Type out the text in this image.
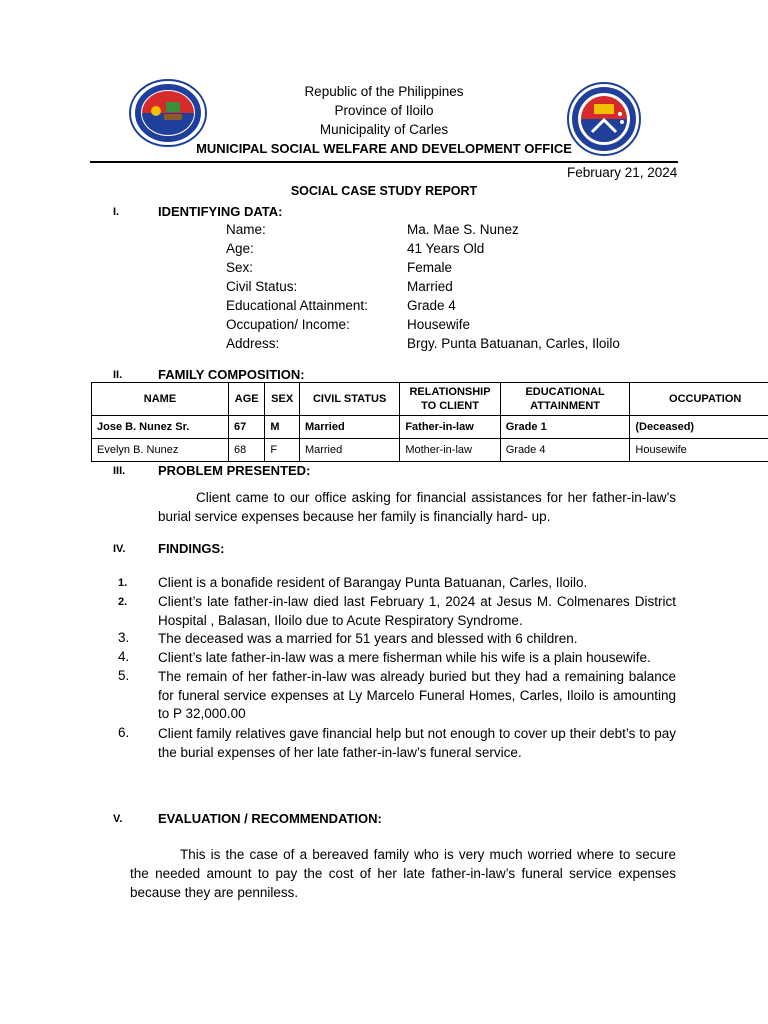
Republic of the Philippines
Province of Iloilo
Municipality of Carles
MUNICIPAL SOCIAL WELFARE AND DEVELOPMENT OFFICE
February 21, 2024
SOCIAL CASE STUDY REPORT
I.	IDENTIFYING DATA:
Name:	Ma. Mae S. Nunez
Age:	41 Years Old
Sex:	Female
Civil Status:	Married
Educational Attainment:	Grade 4
Occupation/ Income:	Housewife
Address:	Brgy. Punta Batuanan, Carles, Iloilo
II.	FAMILY COMPOSITION:
NAME	AGE	SEX	CIVIL STATUS	RELATIONSHIP TO CLIENT	EDUCATIONAL ATTAINMENT	OCCUPATION
Jose B. Nunez Sr.	67	M	Married	Father-in-law	Grade 1	(Deceased)
Evelyn B. Nunez	68	F	Married	Mother-in-law	Grade 4	Housewife
III.	PROBLEM PRESENTED:
Client came to our office asking for financial assistances for her father-in-law’s burial service expenses because her family is financially hard- up.
IV.	FINDINGS:
1. Client is a bonafide resident of Barangay Punta Batuanan, Carles, Iloilo.
2. Client’s late father-in-law died last February 1, 2024 at Jesus M. Colmenares District Hospital , Balasan, Iloilo due to Acute Respiratory Syndrome.
3. The deceased was a married for 51 years and blessed with 6 children.
4. Client’s late father-in-law was a mere fisherman while his wife is a plain housewife.
5. The remain of her father-in-law was already buried but they had a remaining balance for funeral service expenses at Ly Marcelo Funeral Homes, Carles, Iloilo is amounting to P 32,000.00
6. Client family relatives gave financial help but not enough to cover up their debt’s to pay the burial expenses of her late father-in-law’s funeral service.
V.	EVALUATION / RECOMMENDATION:
This is the case of a bereaved family who is very much worried where to secure the needed amount to pay the cost of her late father-in-law’s funeral service expenses because they are penniless.
